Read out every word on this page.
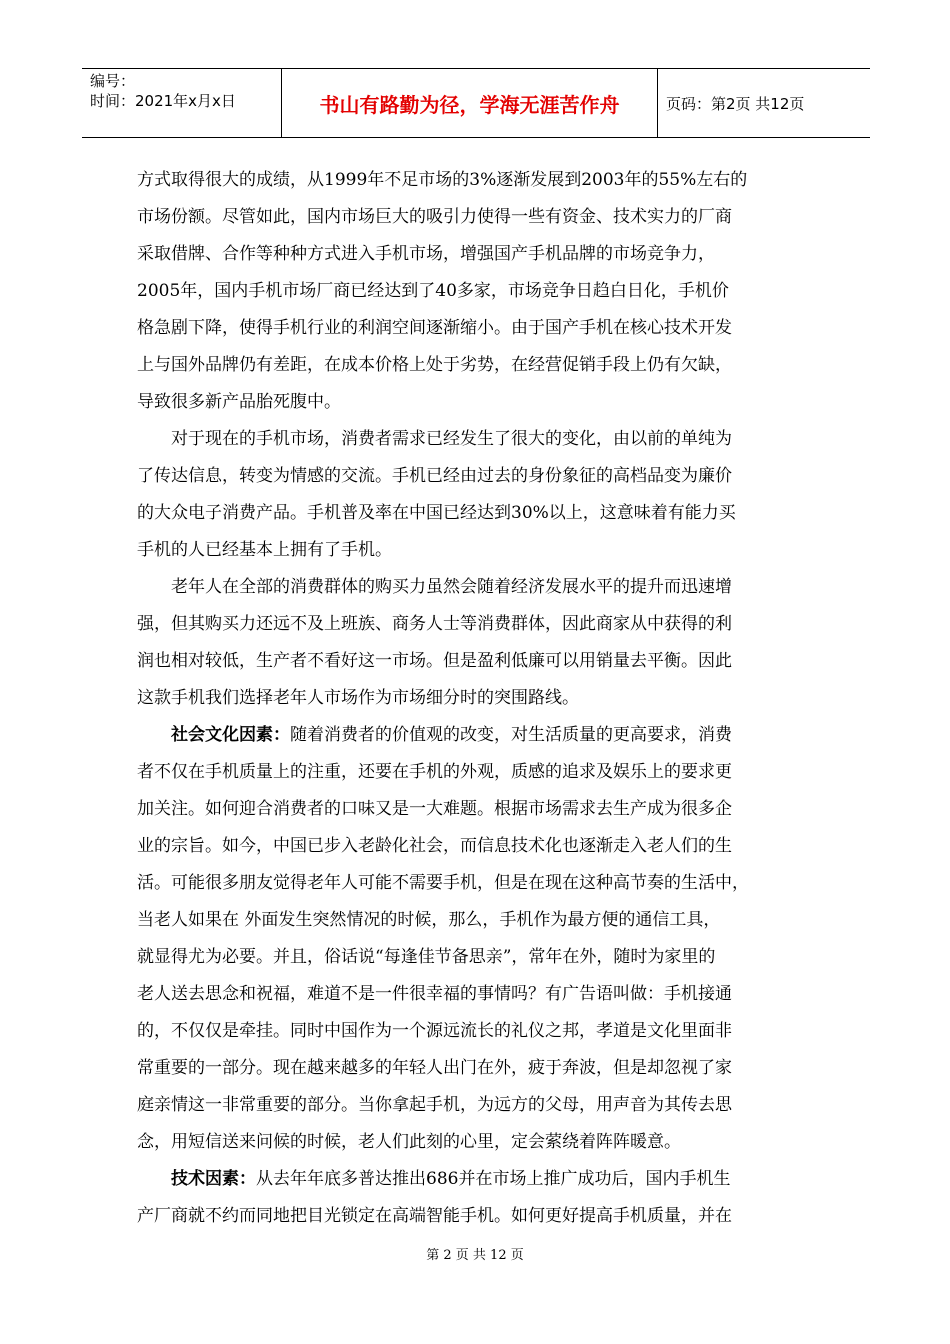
编号：
时间：2021年x月x日	书山有路勤为径，学海无涯苦作舟	页码：第2页 共12页
方式取得很大的成绩，从1999年不足市场的3%逐渐发展到2003年的55%左右的
市场份额。尽管如此，国内市场巨大的吸引力使得一些有资金、技术实力的厂商
采取借牌、合作等种种方式进入手机市场，增强国产手机品牌的市场竞争力，
2005年，国内手机市场厂商已经达到了40多家，市场竞争日趋白日化，手机价
格急剧下降，使得手机行业的利润空间逐渐缩小。由于国产手机在核心技术开发
上与国外品牌仍有差距，在成本价格上处于劣势，在经营促销手段上仍有欠缺，
导致很多新产品胎死腹中。
　　对于现在的手机市场，消费者需求已经发生了很大的变化，由以前的单纯为
了传达信息，转变为情感的交流。手机已经由过去的身份象征的高档品变为廉价
的大众电子消费产品。手机普及率在中国已经达到30%以上，这意味着有能力买
手机的人已经基本上拥有了手机。
　　老年人在全部的消费群体的购买力虽然会随着经济发展水平的提升而迅速增
强，但其购买力还远不及上班族、商务人士等消费群体，因此商家从中获得的利
润也相对较低，生产者不看好这一市场。但是盈利低廉可以用销量去平衡。因此
这款手机我们选择老年人市场作为市场细分时的突围路线。
　　社会文化因素：随着消费者的价值观的改变，对生活质量的更高要求，消费
者不仅在手机质量上的注重，还要在手机的外观，质感的追求及娱乐上的要求更
加关注。如何迎合消费者的口味又是一大难题。根据市场需求去生产成为很多企
业的宗旨。如今，中国已步入老龄化社会，而信息技术化也逐渐走入老人们的生
活。可能很多朋友觉得老年人可能不需要手机，但是在现在这种高节奏的生活中，
当老人如果在 外面发生突然情况的时候，那么，手机作为最方便的通信工具，
就显得尤为必要。并且，俗话说“每逢佳节备思亲”，常年在外，随时为家里的
老人送去思念和祝福，难道不是一件很幸福的事情吗？有广告语叫做：手机接通
的，不仅仅是牵挂。同时中国作为一个源远流长的礼仪之邦，孝道是文化里面非
常重要的一部分。现在越来越多的年轻人出门在外，疲于奔波，但是却忽视了家
庭亲情这一非常重要的部分。当你拿起手机，为远方的父母，用声音为其传去思
念，用短信送来问候的时候，老人们此刻的心里，定会萦绕着阵阵暖意。
　　技术因素：从去年年底多普达推出686并在市场上推广成功后，国内手机生
产厂商就不约而同地把目光锁定在高端智能手机。如何更好提高手机质量，并在
第 2 页 共 12 页
